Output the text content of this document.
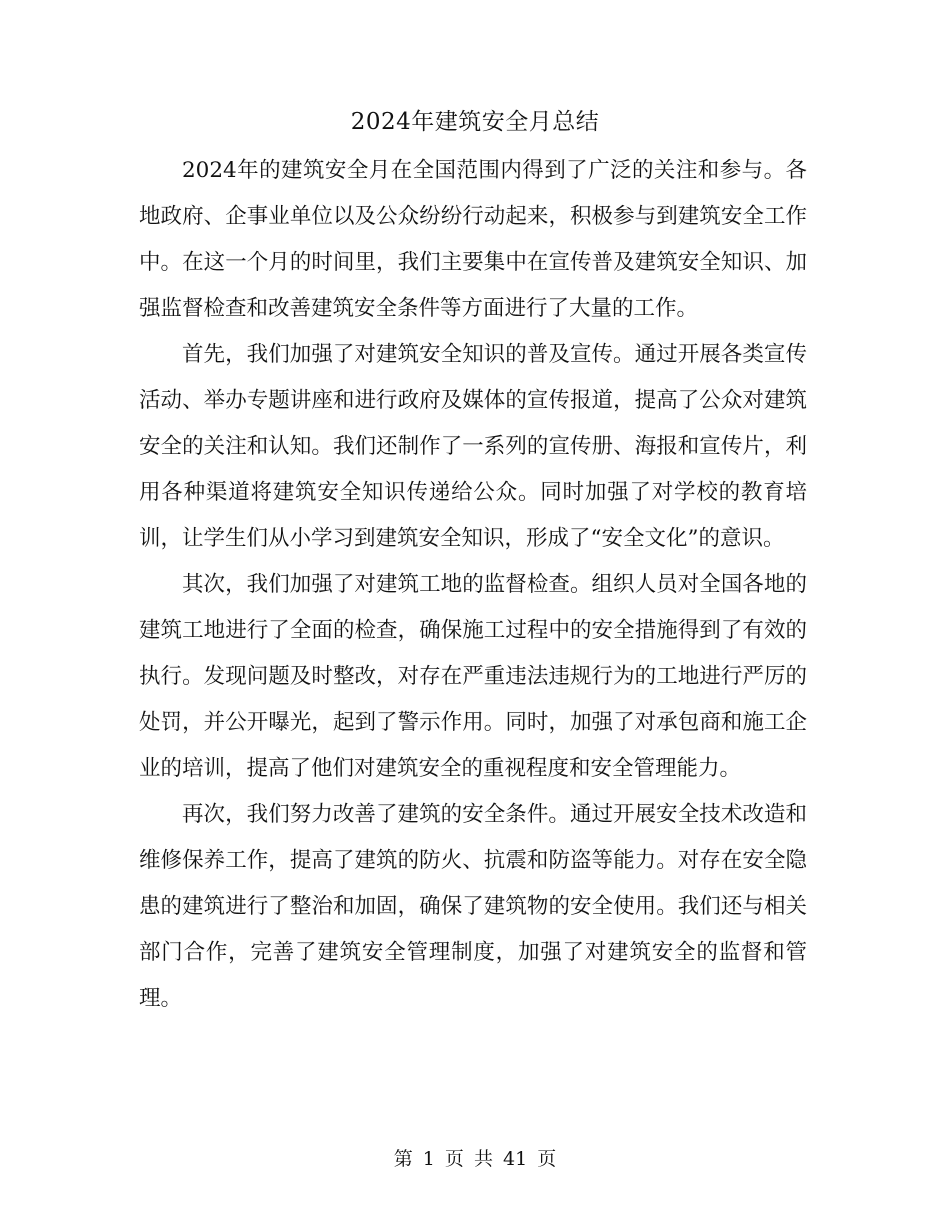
2024年建筑安全月总结

2024年的建筑安全月在全国范围内得到了广泛的关注和参与。各地政府、企事业单位以及公众纷纷行动起来，积极参与到建筑安全工作中。在这一个月的时间里，我们主要集中在宣传普及建筑安全知识、加强监督检查和改善建筑安全条件等方面进行了大量的工作。

首先，我们加强了对建筑安全知识的普及宣传。通过开展各类宣传活动、举办专题讲座和进行政府及媒体的宣传报道，提高了公众对建筑安全的关注和认知。我们还制作了一系列的宣传册、海报和宣传片，利用各种渠道将建筑安全知识传递给公众。同时加强了对学校的教育培训，让学生们从小学习到建筑安全知识，形成了“安全文化”的意识。

其次，我们加强了对建筑工地的监督检查。组织人员对全国各地的建筑工地进行了全面的检查，确保施工过程中的安全措施得到了有效的执行。发现问题及时整改，对存在严重违法违规行为的工地进行严厉的处罚，并公开曝光，起到了警示作用。同时，加强了对承包商和施工企业的培训，提高了他们对建筑安全的重视程度和安全管理能力。

再次，我们努力改善了建筑的安全条件。通过开展安全技术改造和维修保养工作，提高了建筑的防火、抗震和防盗等能力。对存在安全隐患的建筑进行了整治和加固，确保了建筑物的安全使用。我们还与相关部门合作，完善了建筑安全管理制度，加强了对建筑安全的监督和管理。

第 1 页 共 41 页
